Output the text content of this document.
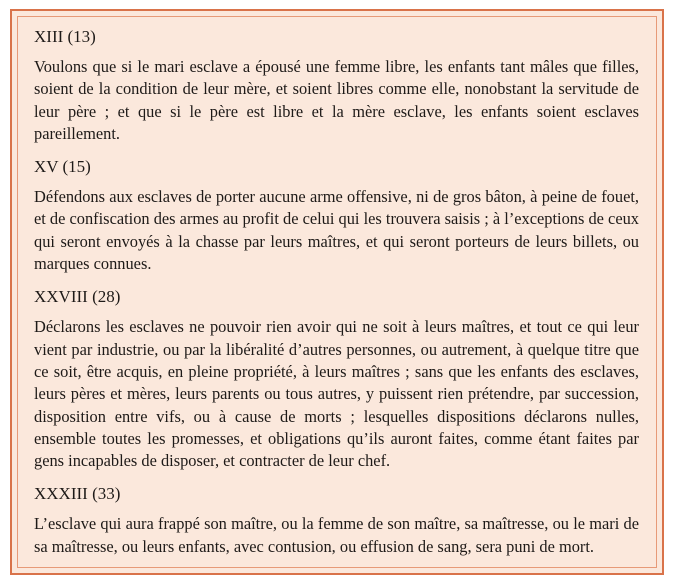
XIII (13)

Voulons que si le mari esclave a épousé une femme libre, les enfants tant mâles que filles, soient de la condition de leur mère, et soient libres comme elle, nonobstant la servitude de leur père ; et que si le père est libre et la mère esclave, les enfants soient esclaves pareillement.

XV (15)

Défendons aux esclaves de porter aucune arme offensive, ni de gros bâton, à peine de fouet, et de confiscation des armes au profit de celui qui les trouvera saisis ; à l’exceptions de ceux qui seront envoyés à la chasse par leurs maîtres, et qui seront porteurs de leurs billets, ou marques connues.

XXVIII (28)

Déclarons les esclaves ne pouvoir rien avoir qui ne soit à leurs maîtres, et tout ce qui leur vient par industrie, ou par la libéralité d’autres personnes, ou autrement, à quelque titre que ce soit, être acquis, en pleine propriété, à leurs maîtres ; sans que les enfants des esclaves, leurs pères et mères, leurs parents ou tous autres, y puissent rien prétendre, par succession, disposition entre vifs, ou à cause de morts ; lesquelles dispositions déclarons nulles, ensemble toutes les promesses, et obligations qu’ils auront faites, comme étant faites par gens incapables de disposer, et contracter de leur chef.

XXXIII (33)

L’esclave qui aura frappé son maître, ou la femme de son maître, sa maîtresse, ou le mari de sa maîtresse, ou leurs enfants, avec contusion, ou effusion de sang, sera puni de mort.
